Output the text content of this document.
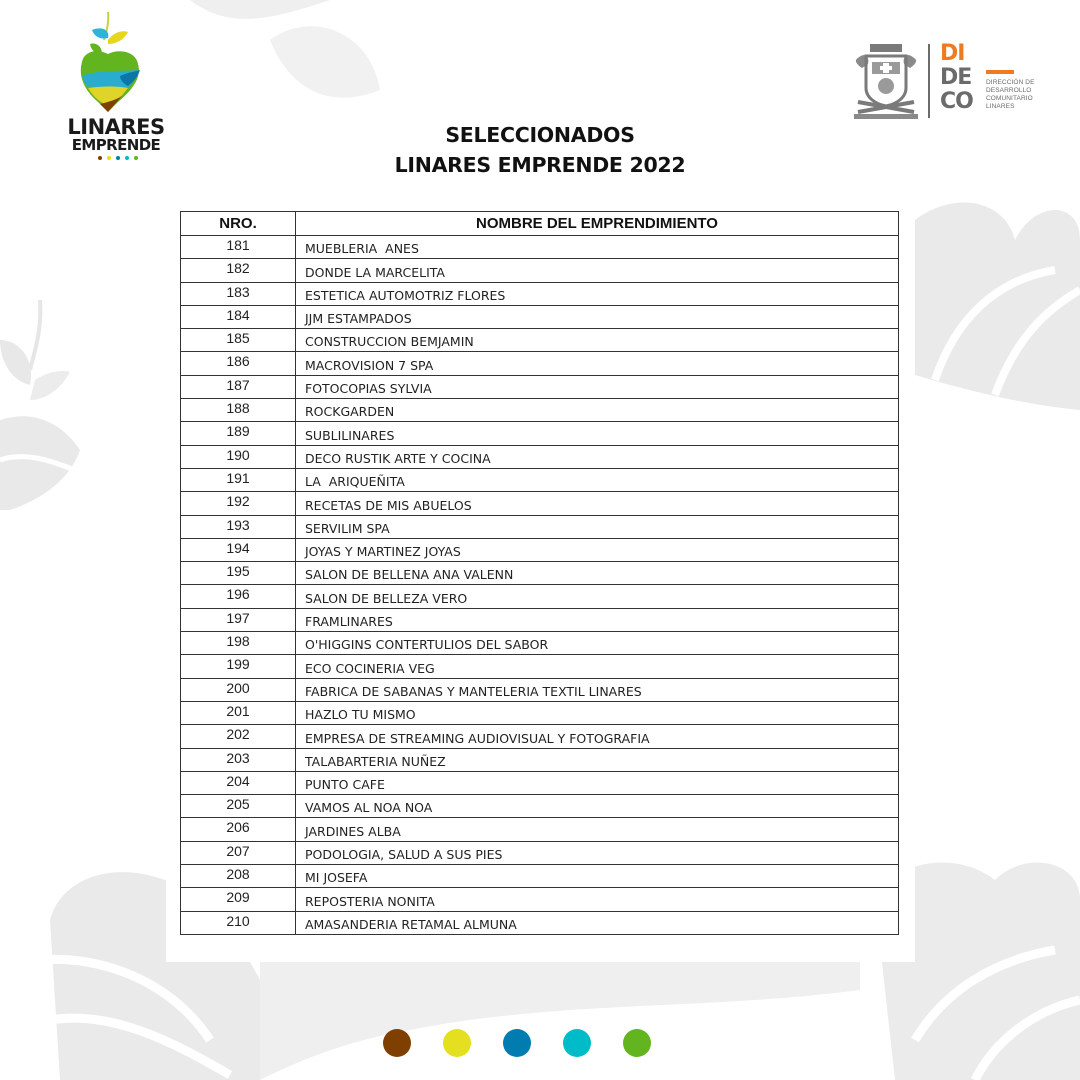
LINARES
EMPRENDE
DI
DE
CO
DIRECCIÓN DE
DESARROLLO
COMUNITARIO
LINARES
SELECCIONADOS
LINARES EMPRENDE 2022
NRO.	NOMBRE DEL EMPRENDIMIENTO
181	MUEBLERIA  ANES
182	DONDE LA MARCELITA
183	ESTETICA AUTOMOTRIZ FLORES
184	JJM ESTAMPADOS
185	CONSTRUCCION BEMJAMIN
186	MACROVISION 7 SPA
187	FOTOCOPIAS SYLVIA
188	ROCKGARDEN
189	SUBLILINARES
190	DECO RUSTIK ARTE Y COCINA
191	LA  ARIQUEÑITA
192	RECETAS DE MIS ABUELOS
193	SERVILIM SPA
194	JOYAS Y MARTINEZ JOYAS
195	SALON DE BELLENA ANA VALENN
196	SALON DE BELLEZA VERO
197	FRAMLINARES
198	O'HIGGINS CONTERTULIOS DEL SABOR
199	ECO COCINERIA VEG
200	FABRICA DE SABANAS Y MANTELERIA TEXTIL LINARES
201	HAZLO TU MISMO
202	EMPRESA DE STREAMING AUDIOVISUAL Y FOTOGRAFIA
203	TALABARTERIA NUÑEZ
204	PUNTO CAFE
205	VAMOS AL NOA NOA
206	JARDINES ALBA
207	PODOLOGIA, SALUD A SUS PIES
208	MI JOSEFA
209	REPOSTERIA NONITA
210	AMASANDERIA RETAMAL ALMUNA
